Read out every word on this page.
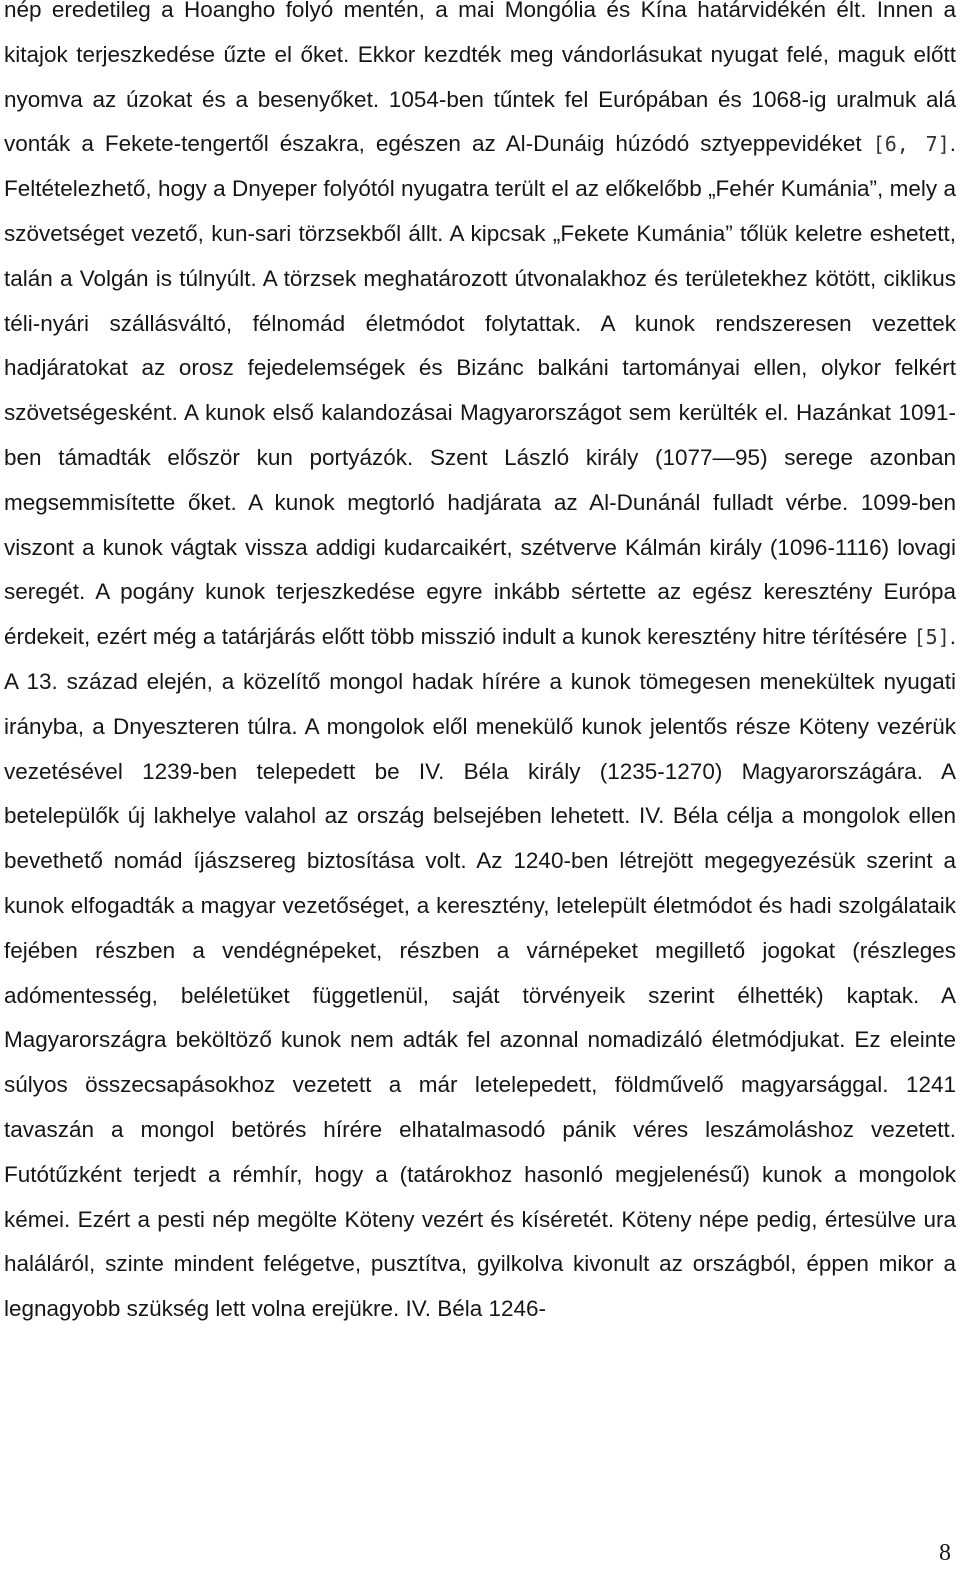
nép eredetileg a Hoangho folyó mentén, a mai Mongólia és Kína határvidékén élt. Innen a kitajok terjeszkedése űzte el őket. Ekkor kezdték meg vándorlásukat nyugat felé, maguk előtt nyomva az úzokat és a besenyőket. 1054-ben tűntek fel Európában és 1068-ig uralmuk alá vonták a Fekete-tengertől északra, egészen az Al-Dunáig húzódó sztyeppevidéket [6, 7]. Feltételezhető, hogy a Dnyeper folyótól nyugatra terült el az előkelőbb „Fehér Kumánia”, mely a szövetséget vezető, kun-sari törzsekből állt. A kipcsak „Fekete Kumánia” tőlük keletre eshetett, talán a Volgán is túlnyúlt. A törzsek meghatározott útvonalakhoz és területekhez kötött, ciklikus téli-nyári szállásváltó, félnomád életmódot folytattak. A kunok rendszeresen vezettek hadjáratokat az orosz fejedelemségek és Bizánc balkáni tartományai ellen, olykor felkért szövetségesként. A kunok első kalandozásai Magyarországot sem kerülték el. Hazánkat 1091-ben támadták először kun portyázók. Szent László király (1077—95) serege azonban megsemmisítette őket. A kunok megtorló hadjárata az Al-Dunánál fulladt vérbe. 1099-ben viszont a kunok vágtak vissza addigi kudarcaikért, szétverve Kálmán király (1096-1116) lovagi seregét. A pogány kunok terjeszkedése egyre inkább sértette az egész keresztény Európa érdekeit, ezért még a tatárjárás előtt több misszió indult a kunok keresztény hitre térítésére [5]. A 13. század elején, a közelítő mongol hadak hírére a kunok tömegesen menekültek nyugati irányba, a Dnyeszteren túlra. A mongolok elől menekülő kunok jelentős része Köteny vezérük vezetésével 1239-ben telepedett be IV. Béla király (1235-1270) Magyarországára. A betelepülők új lakhelye valahol az ország belsejében lehetett. IV. Béla célja a mongolok ellen bevethető nomád íjászsereg biztosítása volt. Az 1240-ben létrejött megegyezésük szerint a kunok elfogadták a magyar vezetőséget, a keresztény, letelepült életmódot és hadi szolgálataik fejében részben a vendégnépeket, részben a várnépeket megillető jogokat (részleges adómentesség, beléletüket függetlenül, saját törvényeik szerint élhették) kaptak. A Magyarországra beköltöző kunok nem adták fel azonnal nomadizáló életmódjukat. Ez eleinte súlyos összecsapásokhoz vezetett a már letelepedett, földművelő magyarsággal. 1241 tavaszán a mongol betörés hírére elhatalmasodó pánik véres leszámoláshoz vezetett. Futótűzként terjedt a rémhír, hogy a (tatárokhoz hasonló megjelenésű) kunok a mongolok kémei. Ezért a pesti nép megölte Köteny vezért és kíséretét. Köteny népe pedig, értesülve ura haláláról, szinte mindent felégetve, pusztítva, gyilkolva kivonult az országból, éppen mikor a legnagyobb szükség lett volna erejükre. IV. Béla 1246-

8
